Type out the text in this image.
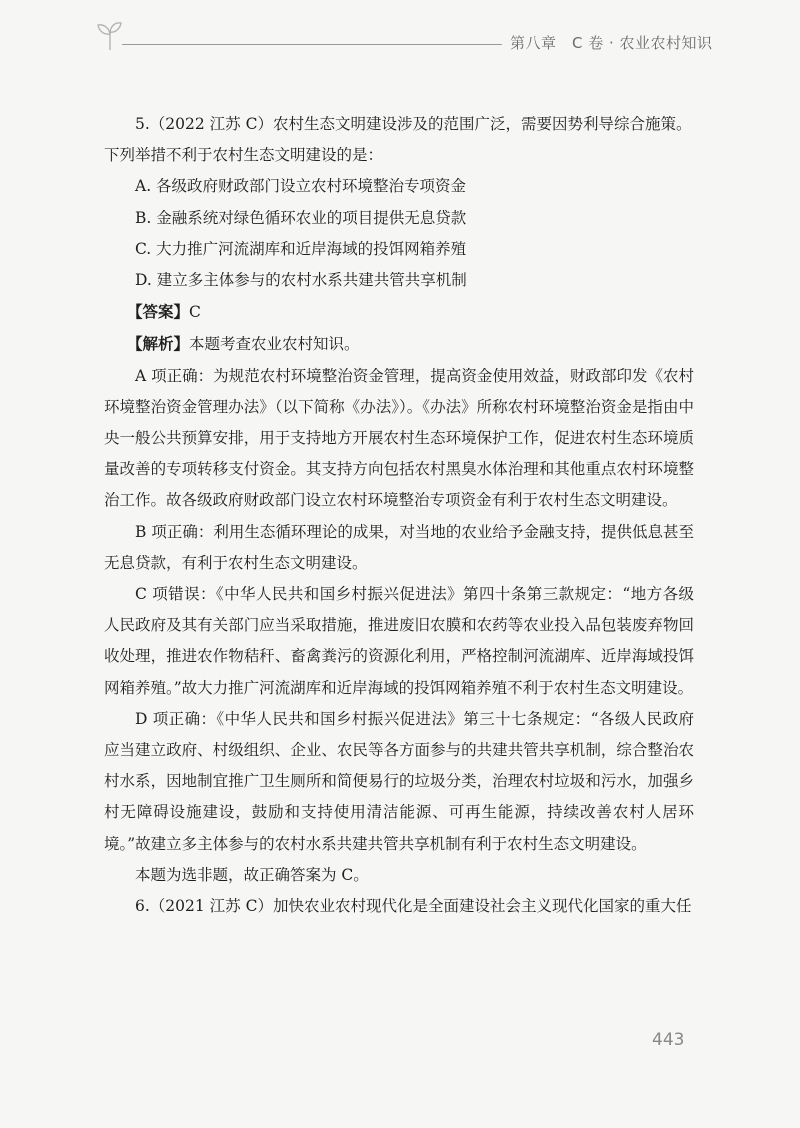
第八章　C 卷 · 农业农村知识

5.（2022 江苏 C）农村生态文明建设涉及的范围广泛，需要因势利导综合施策。

下列举措不利于农村生态文明建设的是：

A. 各级政府财政部门设立农村环境整治专项资金

B. 金融系统对绿色循环农业的项目提供无息贷款

C. 大力推广河流湖库和近岸海域的投饵网箱养殖

D. 建立多主体参与的农村水系共建共管共享机制

【答案】C

【解析】本题考查农业农村知识。

A 项正确：为规范农村环境整治资金管理，提高资金使用效益，财政部印发《农村环境整治资金管理办法》（以下简称《办法》）。《办法》所称农村环境整治资金是指由中央一般公共预算安排，用于支持地方开展农村生态环境保护工作，促进农村生态环境质量改善的专项转移支付资金。其支持方向包括农村黑臭水体治理和其他重点农村环境整治工作。故各级政府财政部门设立农村环境整治专项资金有利于农村生态文明建设。

B 项正确：利用生态循环理论的成果，对当地的农业给予金融支持，提供低息甚至无息贷款，有利于农村生态文明建设。

C 项错误：《中华人民共和国乡村振兴促进法》第四十条第三款规定：“地方各级人民政府及其有关部门应当采取措施，推进废旧农膜和农药等农业投入品包装废弃物回收处理，推进农作物秸秆、畜禽粪污的资源化利用，严格控制河流湖库、近岸海域投饵网箱养殖。”故大力推广河流湖库和近岸海域的投饵网箱养殖不利于农村生态文明建设。

D 项正确：《中华人民共和国乡村振兴促进法》第三十七条规定：“各级人民政府应当建立政府、村级组织、企业、农民等各方面参与的共建共管共享机制，综合整治农村水系，因地制宜推广卫生厕所和简便易行的垃圾分类，治理农村垃圾和污水，加强乡村无障碍设施建设，鼓励和支持使用清洁能源、可再生能源，持续改善农村人居环境。”故建立多主体参与的农村水系共建共管共享机制有利于农村生态文明建设。

本题为选非题，故正确答案为 C。

6.（2021 江苏 C）加快农业农村现代化是全面建设社会主义现代化国家的重大任

443
